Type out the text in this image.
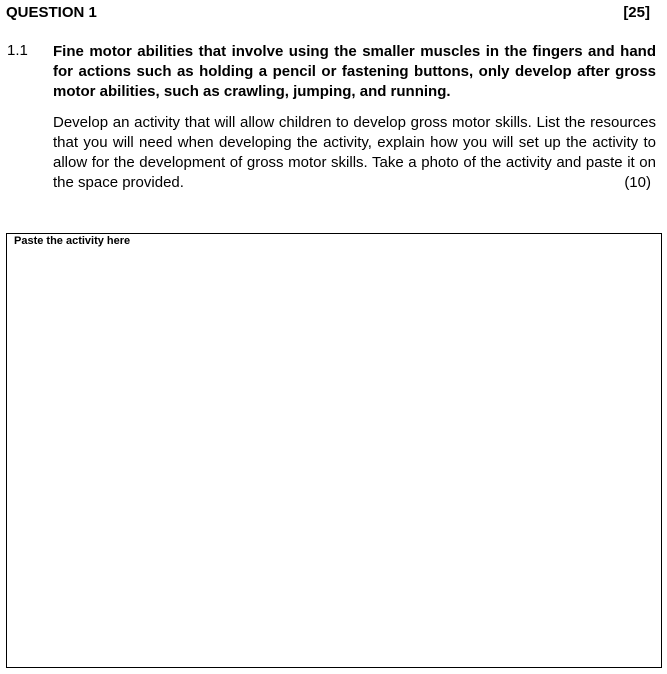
QUESTION 1	[25]
1.1 Fine motor abilities that involve using the smaller muscles in the fingers and hand for actions such as holding a pencil or fastening buttons, only develop after gross motor abilities, such as crawling, jumping, and running.
Develop an activity that will allow children to develop gross motor skills. List the resources that you will need when developing the activity, explain how you will set up the activity to allow for the development of gross motor skills. Take a photo of the activity and paste it on the space provided.	(10)
Paste the activity here
